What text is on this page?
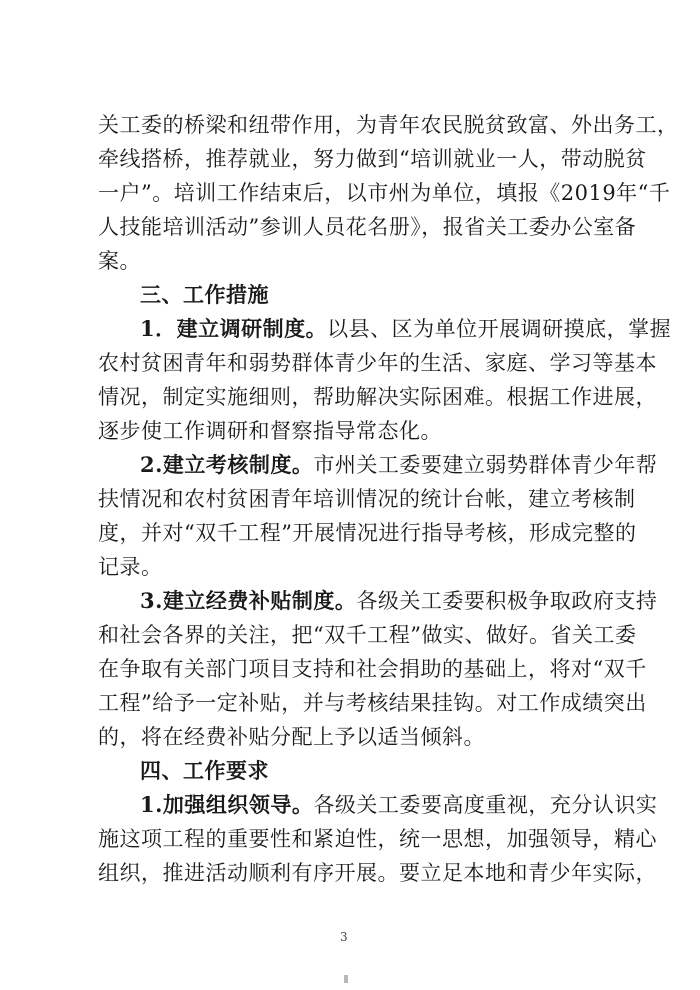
3
关工委的桥梁和纽带作用，为青年农民脱贫致富、外出务工，
牵线搭桥，推荐就业，努力做到“培训就业一人，带动脱贫
一户”。培训工作结束后，以市州为单位，填报《2019年“千
人技能培训活动”参训人员花名册》，报省关工委办公室备
案。
三、工作措施
1．建立调研制度。以县、区为单位开展调研摸底，掌握
农村贫困青年和弱势群体青少年的生活、家庭、学习等基本
情况，制定实施细则，帮助解决实际困难。根据工作进展，
逐步使工作调研和督察指导常态化。
2.建立考核制度。市州关工委要建立弱势群体青少年帮
扶情况和农村贫困青年培训情况的统计台帐，建立考核制
度，并对“双千工程”开展情况进行指导考核，形成完整的
记录。
3.建立经费补贴制度。各级关工委要积极争取政府支持
和社会各界的关注，把“双千工程”做实、做好。省关工委
在争取有关部门项目支持和社会捐助的基础上，将对“双千
工程”给予一定补贴，并与考核结果挂钩。对工作成绩突出
的，将在经费补贴分配上予以适当倾斜。
四、工作要求
1.加强组织领导。各级关工委要高度重视，充分认识实
施这项工程的重要性和紧迫性，统一思想，加强领导，精心
组织，推进活动顺利有序开展。要立足本地和青少年实际，
